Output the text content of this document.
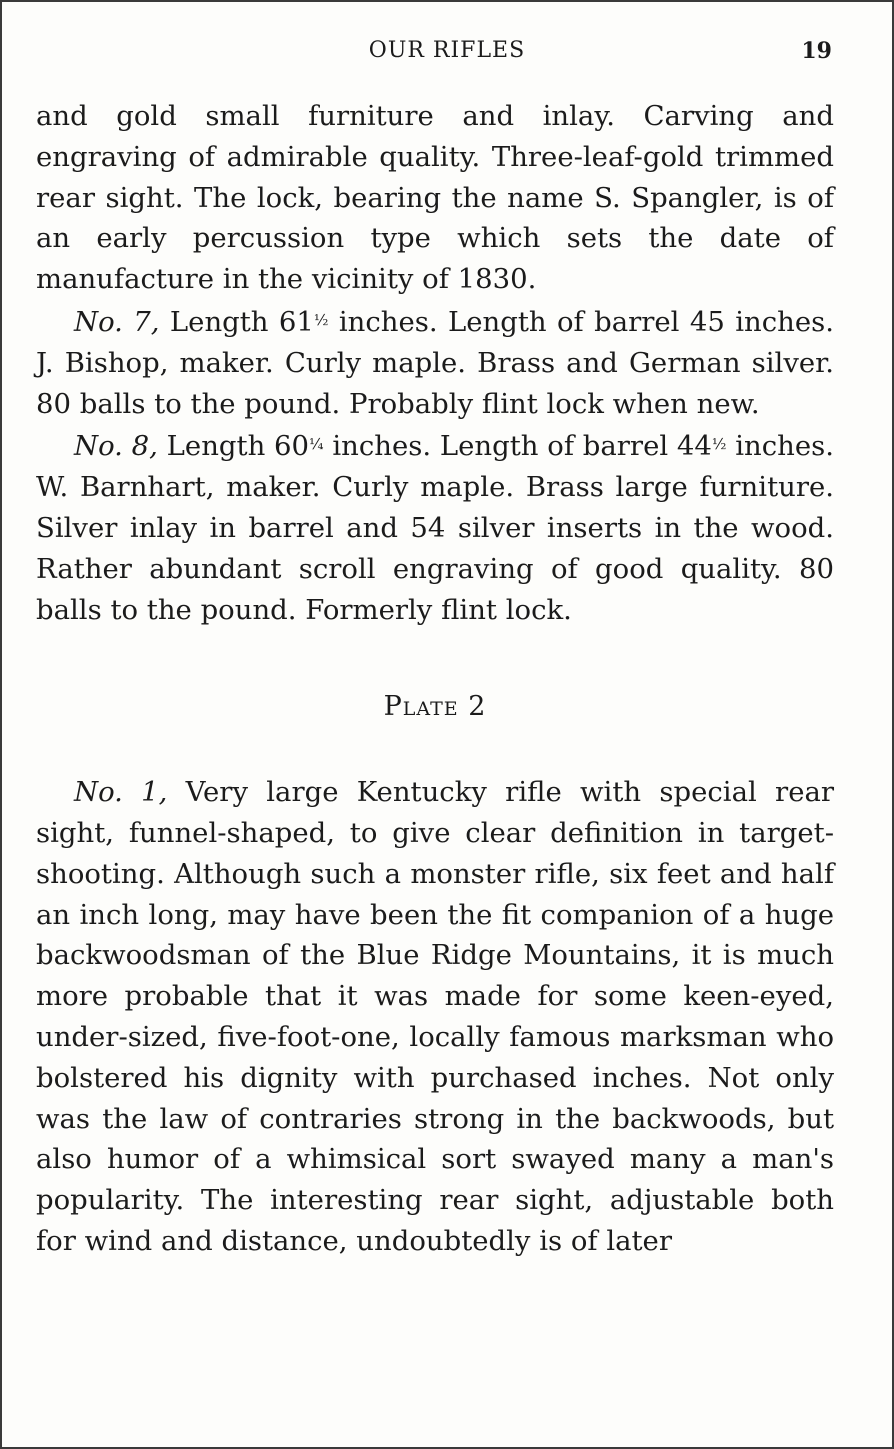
OUR RIFLES	19

and gold small furniture and inlay. Carving and engraving of admirable quality. Three-leaf-gold trimmed rear sight. The lock, bearing the name S. Spangler, is of an early percussion type which sets the date of manufacture in the vicinity of 1830.

No. 7, Length $61^{\frac{1}{2}}$ inches. Length of barrel 45 inches. J. Bishop, maker. Curly maple. Brass and German silver. 80 balls to the pound. Probably flint lock when new.

No. 8, Length $60^{\frac{1}{4}}$ inches. Length of barrel $44^{\frac{1}{2}}$ inches. W. Barnhart, maker. Curly maple. Brass large furniture. Silver inlay in barrel and 54 silver inserts in the wood. Rather abundant scroll engraving of good quality. 80 balls to the pound. Formerly flint lock.

Plate 2

No. 1, Very large Kentucky rifle with special rear sight, funnel-shaped, to give clear definition in target-shooting. Although such a monster rifle, six feet and half an inch long, may have been the fit companion of a huge backwoodsman of the Blue Ridge Mountains, it is much more probable that it was made for some keen-eyed, under-sized, five-foot-one, locally famous marksman who bolstered his dignity with purchased inches. Not only was the law of contraries strong in the backwoods, but also humor of a whimsical sort swayed many a man's popularity. The interesting rear sight, adjustable both for wind and distance, undoubtedly is of later
